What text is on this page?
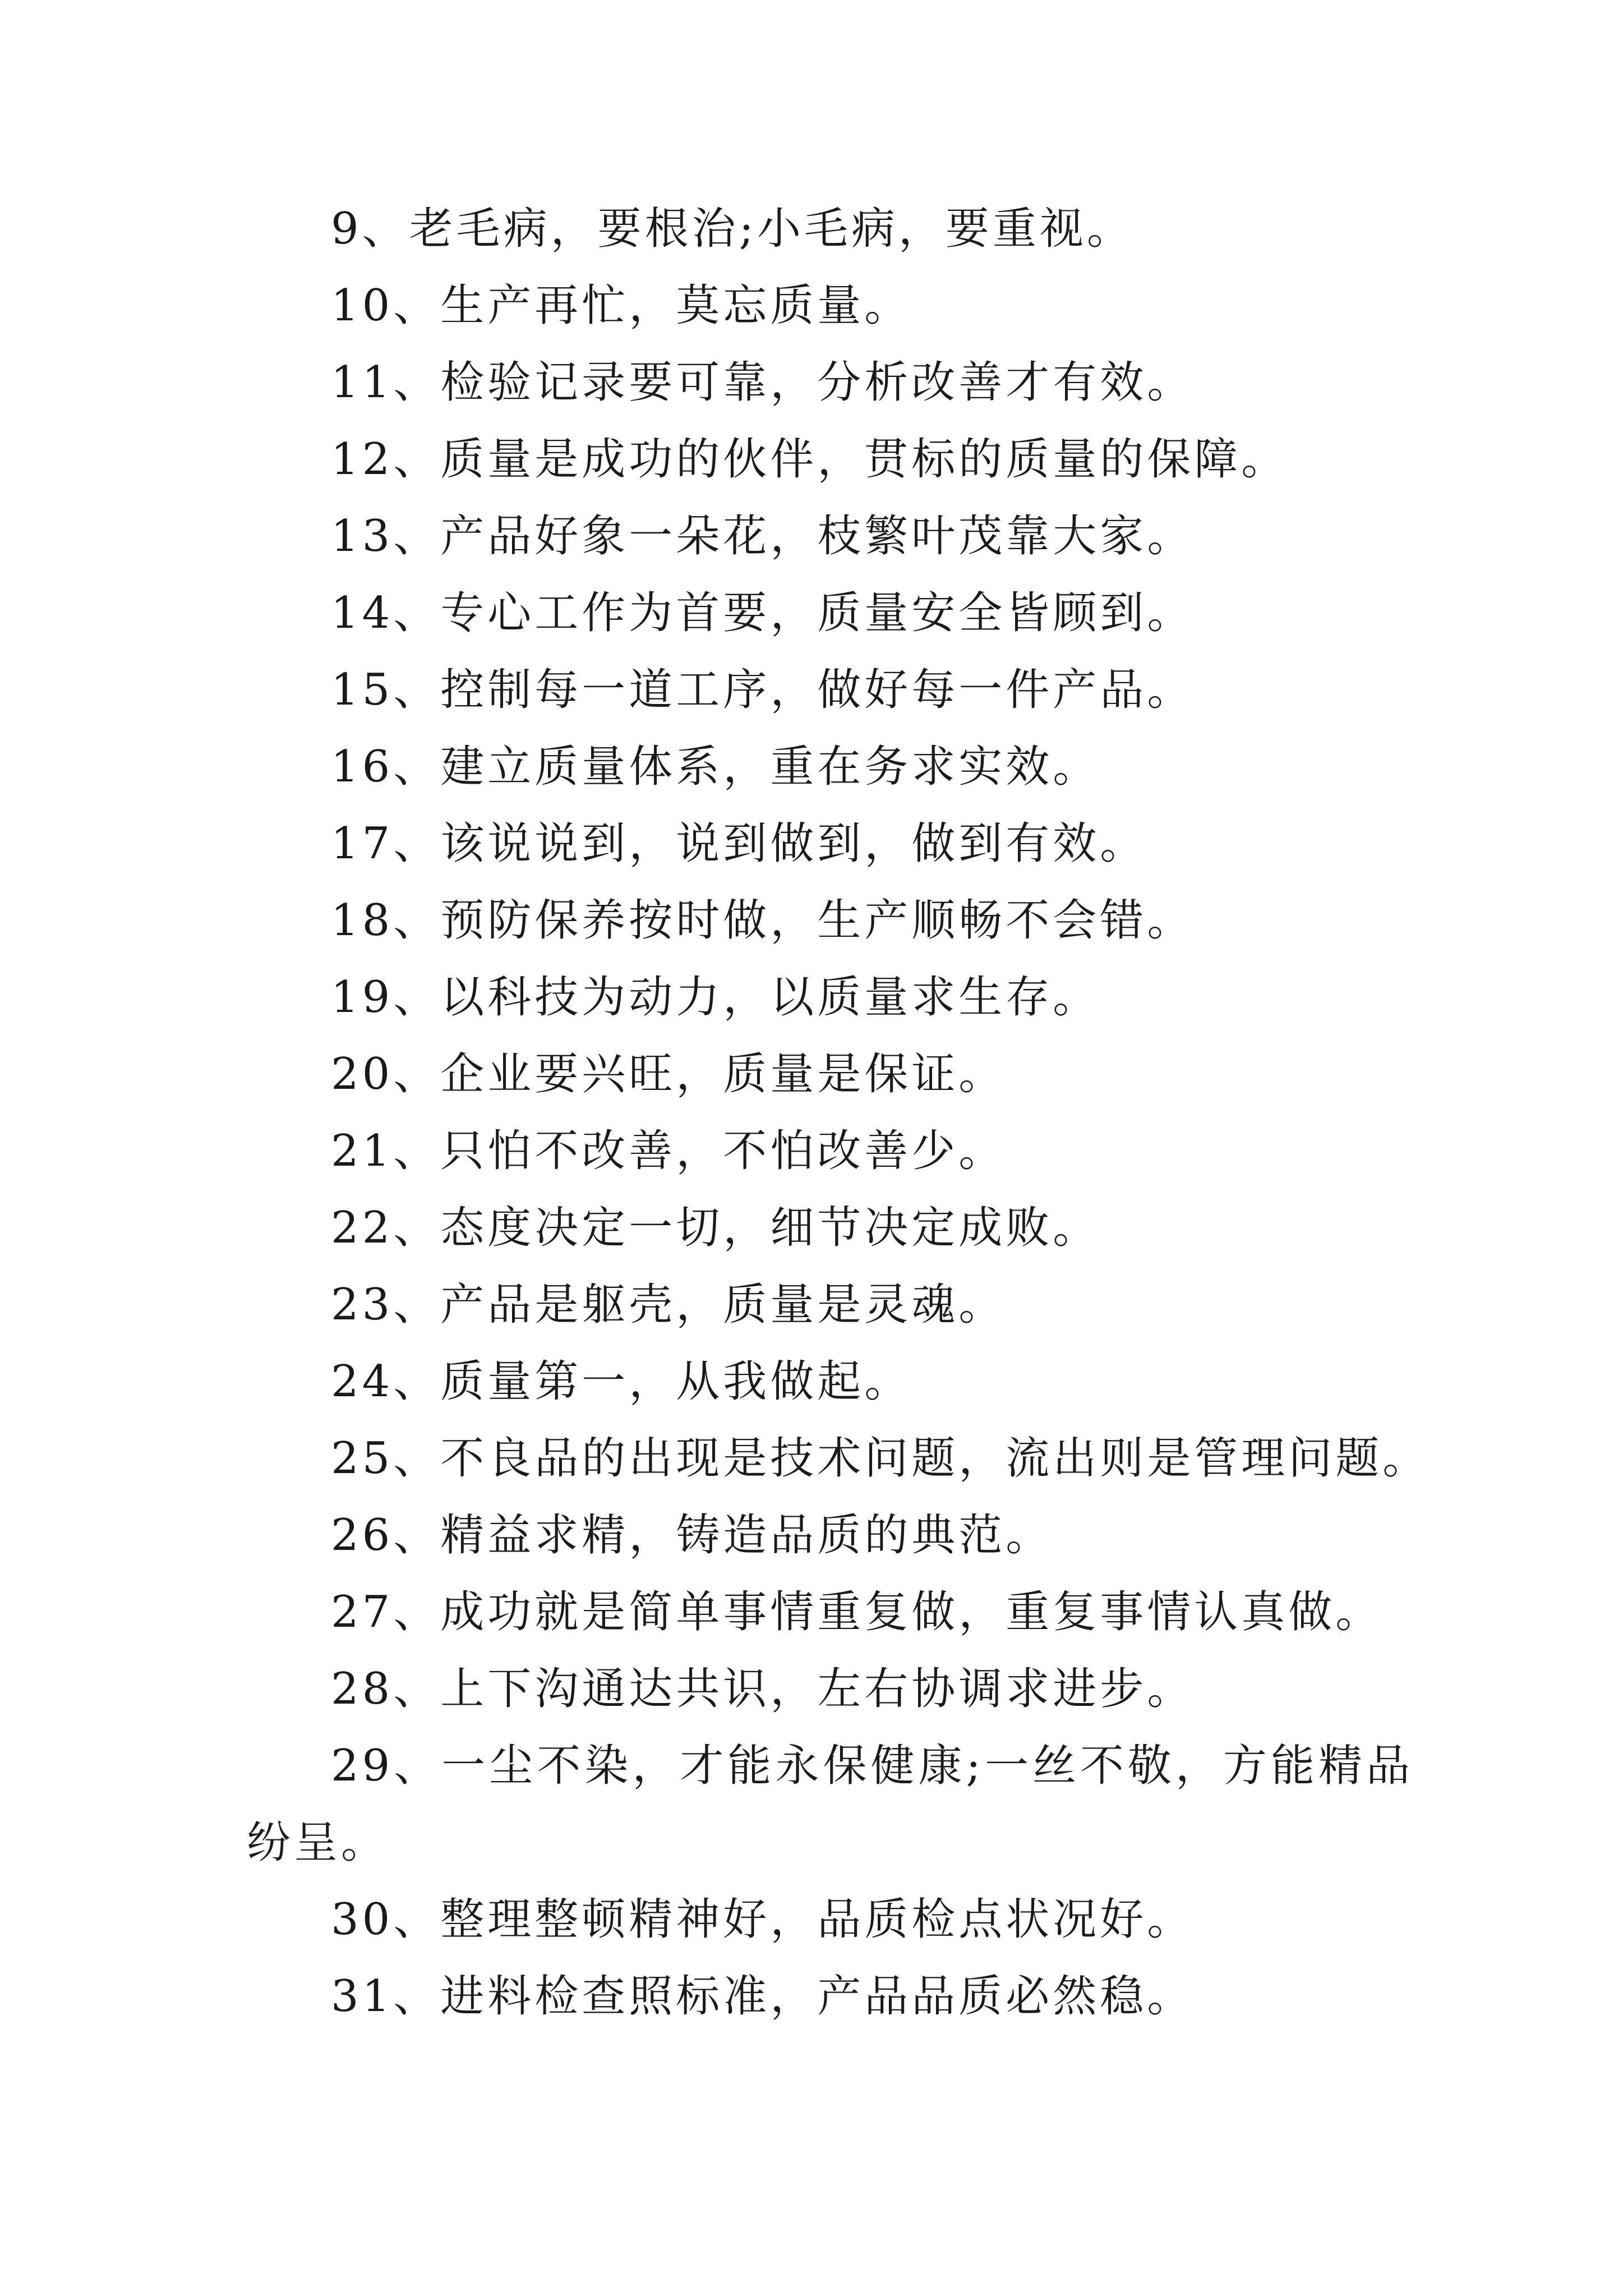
9、老毛病，要根治;小毛病，要重视。

10、生产再忙，莫忘质量。

11、检验记录要可靠，分析改善才有效。

12、质量是成功的伙伴，贯标的质量的保障。

13、产品好象一朵花，枝繁叶茂靠大家。

14、专心工作为首要，质量安全皆顾到。

15、控制每一道工序，做好每一件产品。

16、建立质量体系，重在务求实效。

17、该说说到，说到做到，做到有效。

18、预防保养按时做，生产顺畅不会错。

19、以科技为动力，以质量求生存。

20、企业要兴旺，质量是保证。

21、只怕不改善，不怕改善少。

22、态度决定一切，细节决定成败。

23、产品是躯壳，质量是灵魂。

24、质量第一，从我做起。

25、不良品的出现是技术问题，流出则是管理问题。

26、精益求精，铸造品质的典范。

27、成功就是简单事情重复做，重复事情认真做。

28、上下沟通达共识，左右协调求进步。

29、一尘不染，才能永保健康;一丝不敬，方能精品纷呈。

30、整理整顿精神好，品质检点状况好。

31、进料检查照标准，产品品质必然稳。
